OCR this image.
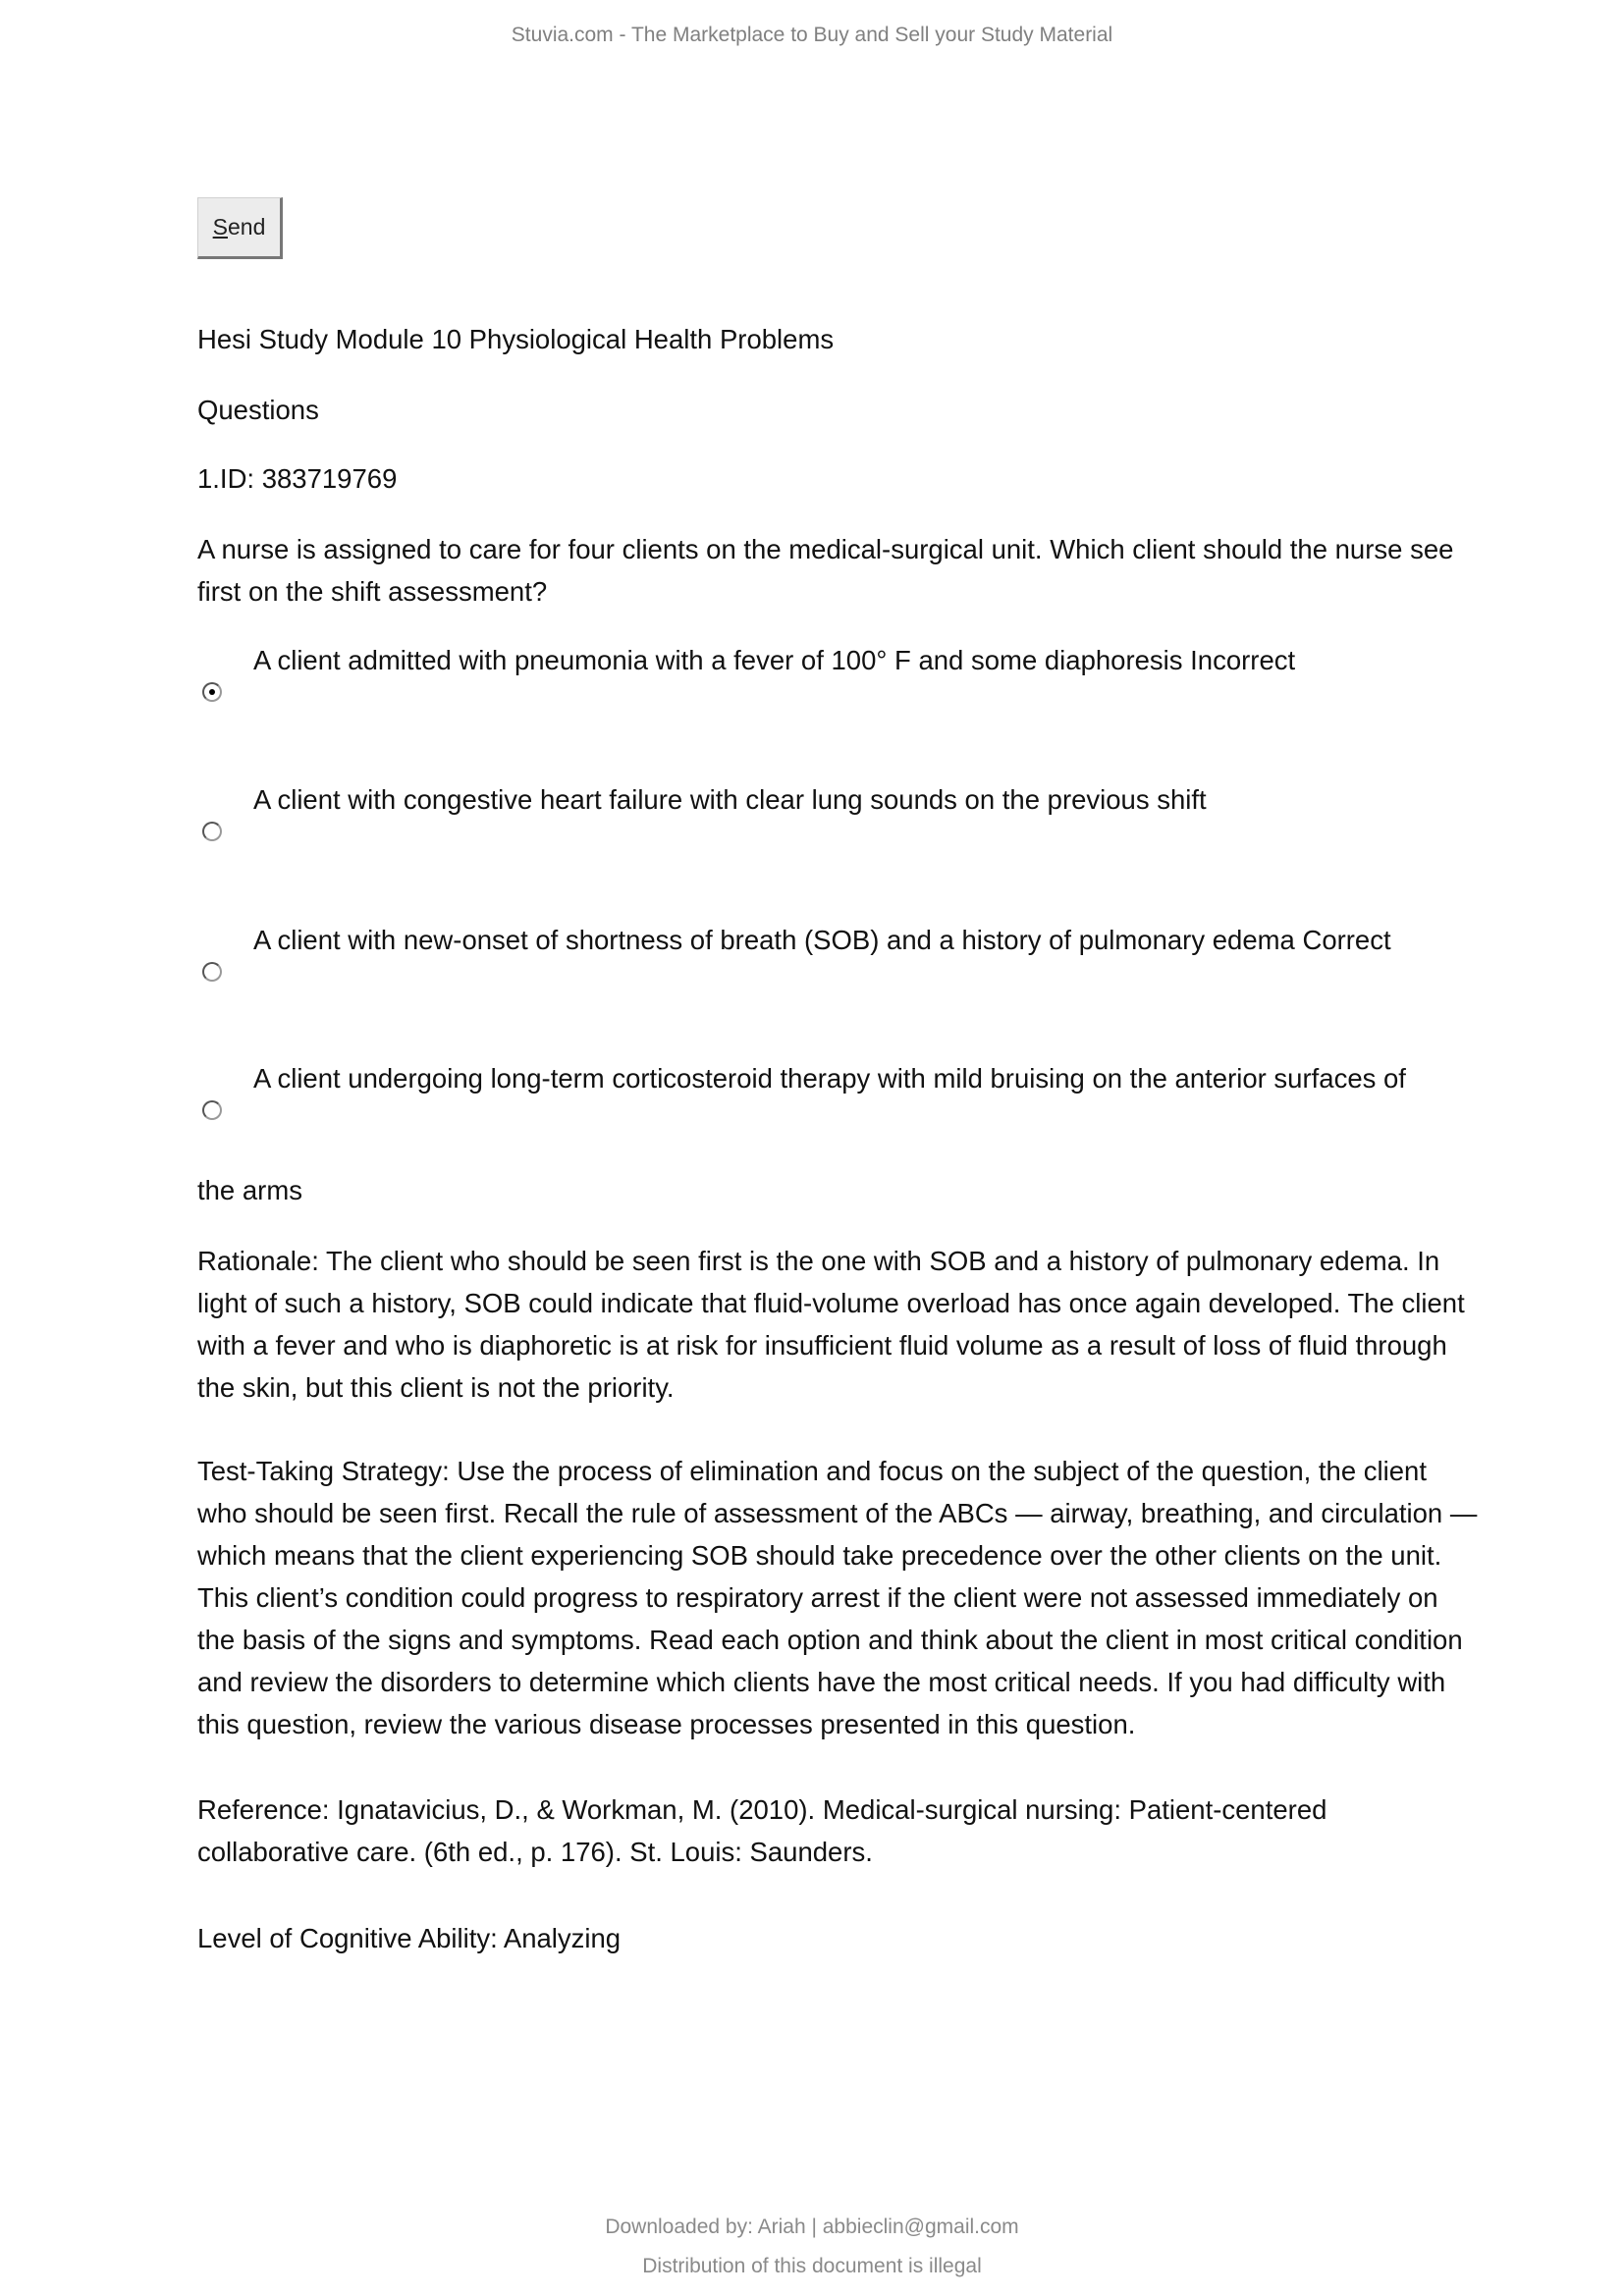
Stuvia.com - The Marketplace to Buy and Sell your Study Material
S end
Hesi Study Module 10 Physiological Health Problems
Questions
1.ID: 383719769
A nurse is assigned to care for four clients on the medical-surgical unit. Which client should the nurse see first on the shift assessment?
A client admitted with pneumonia with a fever of 100° F and some diaphoresis Incorrect
A client with congestive heart failure with clear lung sounds on the previous shift
A client with new-onset of shortness of breath (SOB) and a history of pulmonary edema Correct
A client undergoing long-term corticosteroid therapy with mild bruising on the anterior surfaces of
the arms
Rationale: The client who should be seen first is the one with SOB and a history of pulmonary edema. In light of such a history, SOB could indicate that fluid-volume overload has once again developed. The client with a fever and who is diaphoretic is at risk for insufficient fluid volume as a result of loss of fluid through the skin, but this client is not the priority.
Test-Taking Strategy: Use the process of elimination and focus on the subject of the question, the client who should be seen first. Recall the rule of assessment of the ABCs — airway, breathing, and circulation — which means that the client experiencing SOB should take precedence over the other clients on the unit. This client’s condition could progress to respiratory arrest if the client were not assessed immediately on the basis of the signs and symptoms. Read each option and think about the client in most critical condition and review the disorders to determine which clients have the most critical needs. If you had difficulty with this question, review the various disease processes presented in this question.
Reference: Ignatavicius, D., & Workman, M. (2010). Medical-surgical nursing: Patient-centered collaborative care. (6th ed., p. 176). St. Louis: Saunders.
Level of Cognitive Ability: Analyzing
Downloaded by: Ariah | abbieclin@gmail.com
Distribution of this document is illegal
